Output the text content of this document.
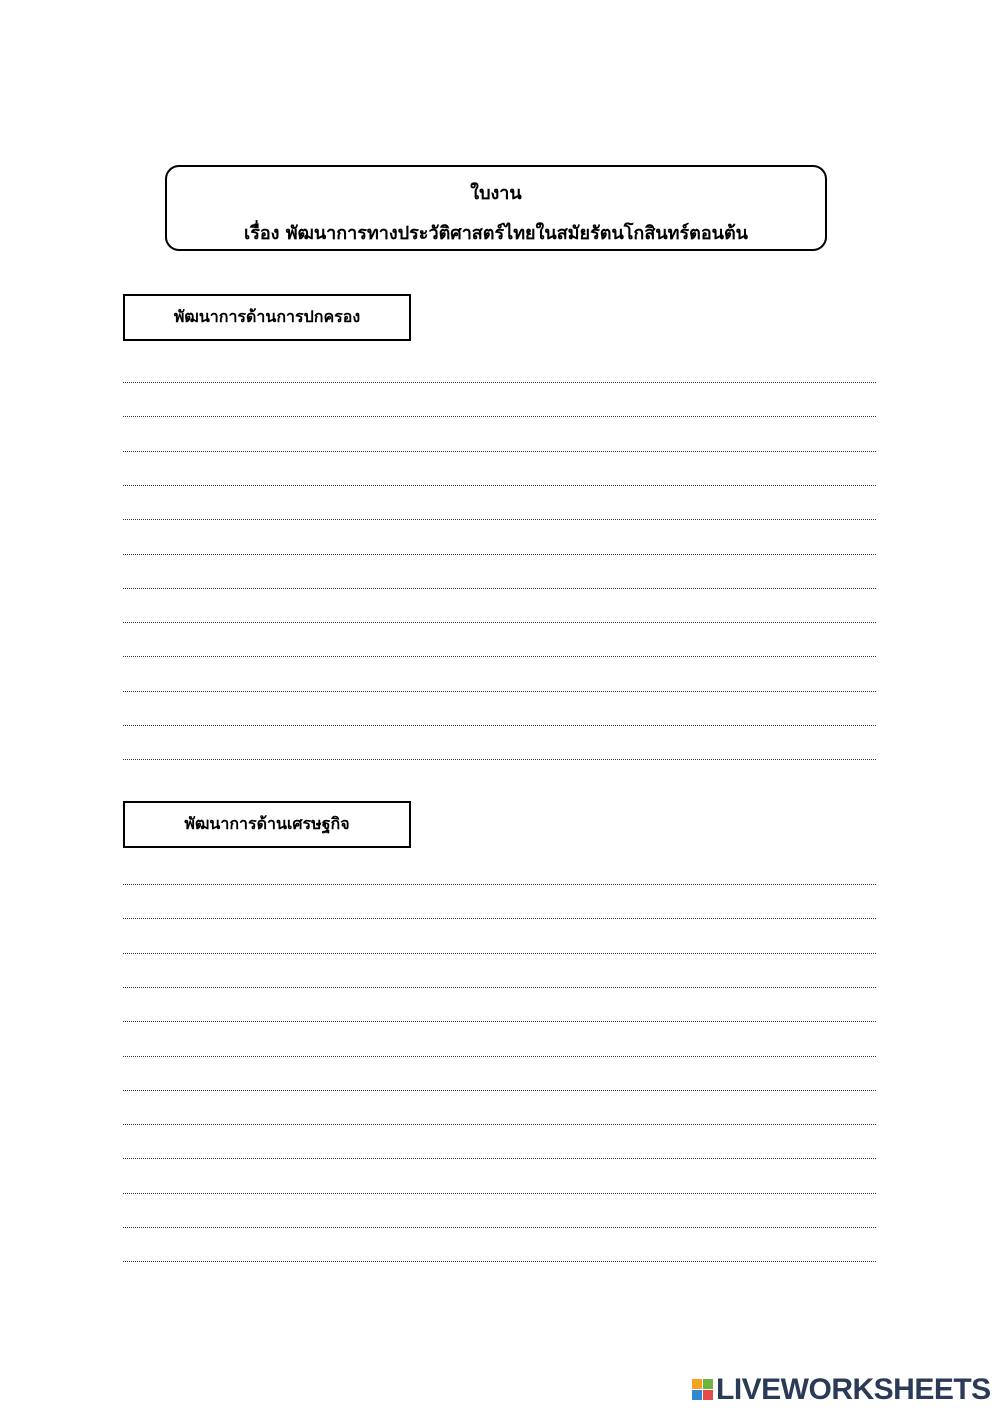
ใบงาน
เรื่อง พัฒนาการทางประวัติศาสตร์ไทยในสมัยรัตนโกสินทร์ตอนต้น
พัฒนาการด้านการปกครอง
พัฒนาการด้านเศรษฐกิจ
LIVEWORKSHEETS
